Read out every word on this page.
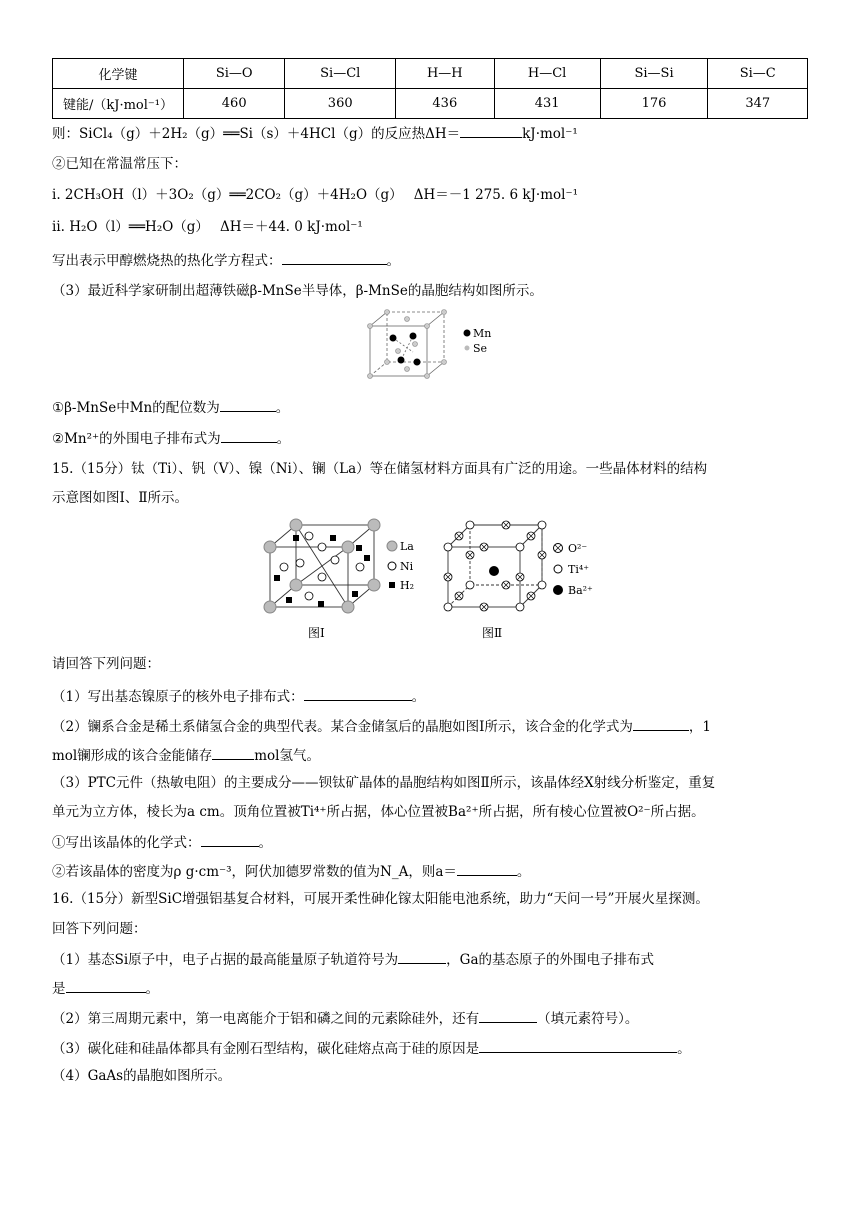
化学键	Si—O	Si—Cl	H—H	H—Cl	Si—Si	Si—C
键能/（kJ·mol⁻¹）	460	360	436	431	176	347
则：SiCl₄（g）＋2H₂（g）══Si（s）＋4HCl（g）的反应热ΔH＝	kJ·mol⁻¹
②已知在常温常压下：
ⅰ. 2CH₃OH（l）＋3O₂（g）══2CO₂（g）＋4H₂O（g）　 ΔH＝－1 275. 6 kJ·mol⁻¹
ⅱ. H₂O（l）══H₂O（g）　 ΔH＝＋44. 0 kJ·mol⁻¹
写出表示甲醇燃烧热的热化学方程式：	。
（3）最近科学家研制出超薄铁磁β-MnSe半导体，β-MnSe的晶胞结构如图所示。
Mn
Se
①β-MnSe中Mn的配位数为	。
②Mn²⁺的外围电子排布式为	。
15.（15分）钛（Ti）、钒（V）、镍（Ni）、镧（La）等在储氢材料方面具有广泛的用途。一些晶体材料的结构
示意图如图Ⅰ、Ⅱ所示。
La
Ni
H₂
图Ⅰ
O²⁻
Ti⁴⁺
Ba²⁺
图Ⅱ
请回答下列问题：
（1）写出基态镍原子的核外电子排布式：	。
（2）镧系合金是稀土系储氢合金的典型代表。某合金储氢后的晶胞如图Ⅰ所示，该合金的化学式为	，1
mol镧形成的该合金能储存	mol氢气。
（3）PTC元件（热敏电阻）的主要成分——钡钛矿晶体的晶胞结构如图Ⅱ所示，该晶体经X射线分析鉴定，重复
单元为立方体，棱长为a cm。顶角位置被Ti⁴⁺所占据，体心位置被Ba²⁺所占据，所有棱心位置被O²⁻所占据。
①写出该晶体的化学式：	。
②若该晶体的密度为ρ g·cm⁻³，阿伏加德罗常数的值为N_A，则a＝	。
16.（15分）新型SiC增强铝基复合材料，可展开柔性砷化镓太阳能电池系统，助力“天问一号”开展火星探测。
回答下列问题：
（1）基态Si原子中，电子占据的最高能量原子轨道符号为	，Ga的基态原子的外围电子排布式
是	。
（2）第三周期元素中，第一电离能介于铝和磷之间的元素除硅外，还有	（填元素符号）。
（3）碳化硅和硅晶体都具有金刚石型结构，碳化硅熔点高于硅的原因是	。
（4）GaAs的晶胞如图所示。
